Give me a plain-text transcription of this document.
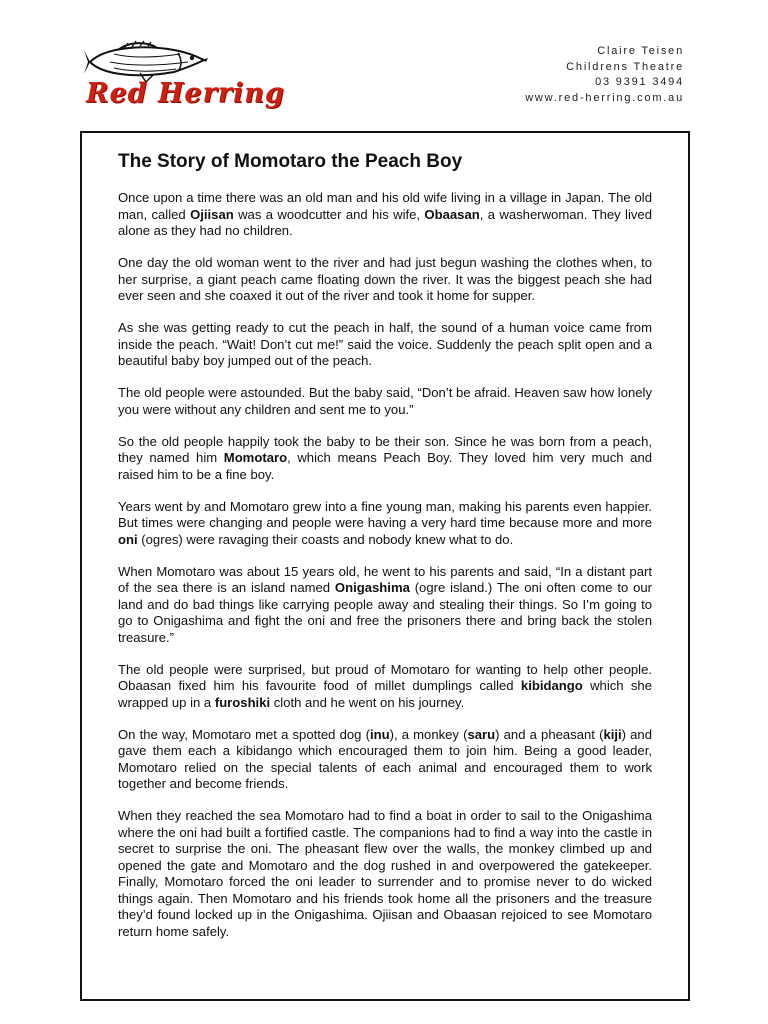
Red Herring
Claire Teisen
Childrens Theatre
03 9391 3494
www.red-herring.com.au
The Story of Momotaro the Peach Boy

Once upon a time there was an old man and his old wife living in a village in Japan. The old man, called Ojiisan was a woodcutter and his wife, Obaasan, a washerwoman. They lived alone as they had no children.

One day the old woman went to the river and had just begun washing the clothes when, to her surprise, a giant peach came floating down the river. It was the biggest peach she had ever seen and she coaxed it out of the river and took it home for supper.

As she was getting ready to cut the peach in half, the sound of a human voice came from inside the peach. “Wait! Don’t cut me!” said the voice. Suddenly the peach split open and a beautiful baby boy jumped out of the peach.

The old people were astounded. But the baby said, “Don’t be afraid. Heaven saw how lonely you were without any children and sent me to you.”

So the old people happily took the baby to be their son. Since he was born from a peach, they named him Momotaro, which means Peach Boy. They loved him very much and raised him to be a fine boy.

Years went by and Momotaro grew into a fine young man, making his parents even happier. But times were changing and people were having a very hard time because more and more oni (ogres) were ravaging their coasts and nobody knew what to do.

When Momotaro was about 15 years old, he went to his parents and said, “In a distant part of the sea there is an island named Onigashima (ogre island.) The oni often come to our land and do bad things like carrying people away and stealing their things. So I’m going to go to Onigashima and fight the oni and free the prisoners there and bring back the stolen treasure.”

The old people were surprised, but proud of Momotaro for wanting to help other people. Obaasan fixed him his favourite food of millet dumplings called kibidango which she wrapped up in a furoshiki cloth and he went on his journey.

On the way, Momotaro met a spotted dog (inu), a monkey (saru) and a pheasant (kiji) and gave them each a kibidango which encouraged them to join him. Being a good leader, Momotaro relied on the special talents of each animal and encouraged them to work together and become friends.

When they reached the sea Momotaro had to find a boat in order to sail to the Onigashima where the oni had built a fortified castle. The companions had to find a way into the castle in secret to surprise the oni. The pheasant flew over the walls, the monkey climbed up and opened the gate and Momotaro and the dog rushed in and overpowered the gatekeeper. Finally, Momotaro forced the oni leader to surrender and to promise never to do wicked things again. Then Momotaro and his friends took home all the prisoners and the treasure they’d found locked up in the Onigashima. Ojiisan and Obaasan rejoiced to see Momotaro return home safely.
